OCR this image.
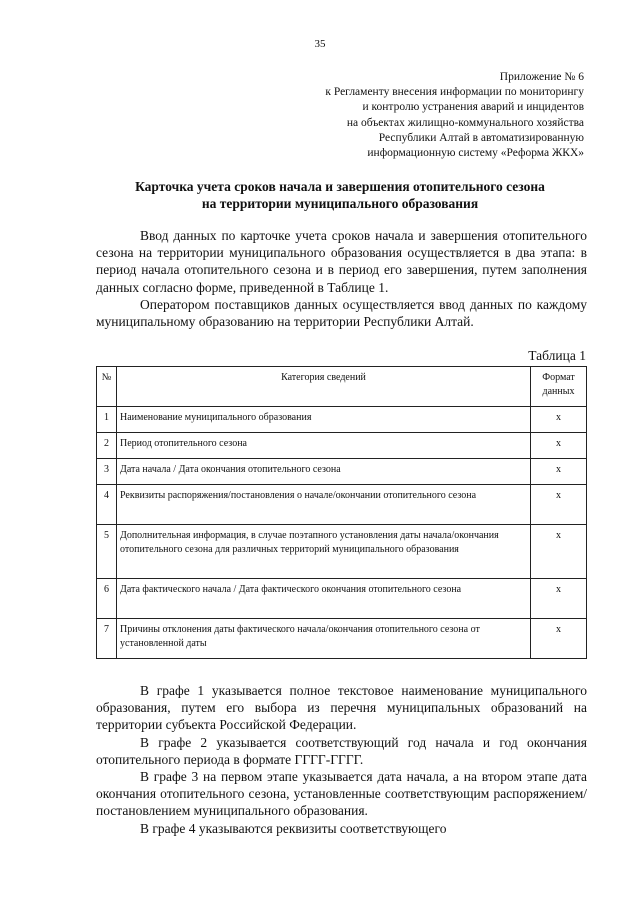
35
Приложение № 6
к Регламенту внесения информации по мониторингу
и контролю устранения аварий и инцидентов
на объектах жилищно-коммунального хозяйства
Республики Алтай в автоматизированную
информационную систему «Реформа ЖКХ»
Карточка учета сроков начала и завершения отопительного сезона
на территории муниципального образования

Ввод данных по карточке учета сроков начала и завершения отопительного сезона на территории муниципального образования осуществляется в два этапа: в период начала отопительного сезона и в период его завершения, путем заполнения данных согласно форме, приведенной в Таблице 1.

Оператором поставщиков данных осуществляется ввод данных по каждому муниципальному образованию на территории Республики Алтай.

Таблица 1
№	Категория сведений	Формат данных
1	Наименование муниципального образования	x
2	Период отопительного сезона	x
3	Дата начала / Дата окончания отопительного сезона	x
4	Реквизиты распоряжения/постановления о начале/окончании отопительного сезона	x
5	Дополнительная информация, в случае поэтапного установления даты начала/окончания отопительного сезона для различных территорий муниципального образования	x
6	Дата фактического начала / Дата фактического окончания отопительного сезона	x
7	Причины отклонения даты фактического начала/окончания отопительного сезона от установленной даты	x

В графе 1 указывается полное текстовое наименование муниципального образования, путем его выбора из перечня муниципальных образований на территории субъекта Российской Федерации.

В графе 2 указывается соответствующий год начала и год окончания отопительного периода в формате ГГГГ-ГГГГ.

В графе 3 на первом этапе указывается дата начала, а на втором этапе дата окончания отопительного сезона, установленные соответствующим распоряжением/постановлением муниципального образования.

В графе 4 указываются реквизиты соответствующего
